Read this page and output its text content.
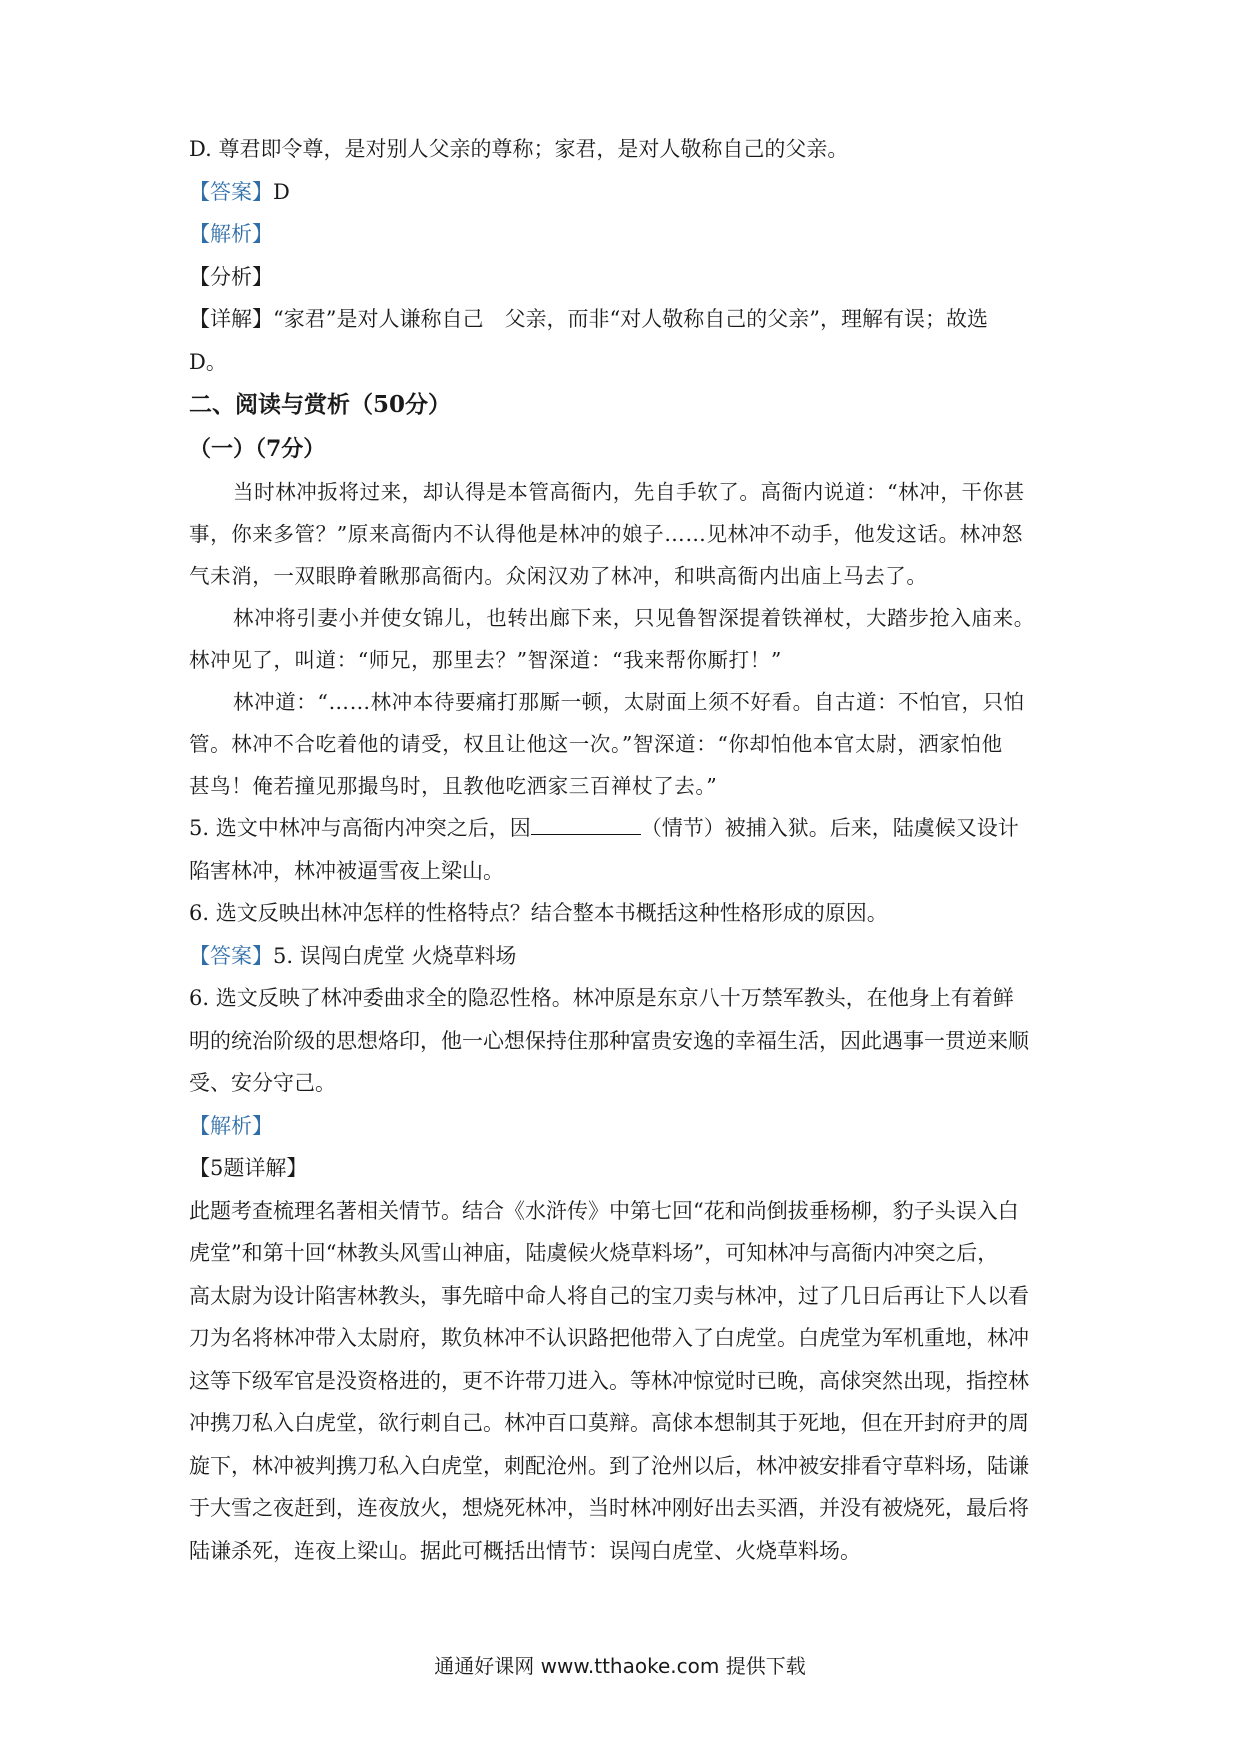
D. 尊君即令尊，是对别人父亲的尊称；家君，是对人敬称自己的父亲。
【答案】D
【解析】
【分析】
【详解】“家君”是对人谦称自己　父亲，而非“对人敬称自己的父亲”，理解有误；故选
D。
二、阅读与赏析（50分）
（一）（7分）
当时林冲扳将过来，却认得是本管高衙内，先自手软了。高衙内说道：“林冲，干你甚
事，你来多管？”原来高衙内不认得他是林冲的娘子……见林冲不动手，他发这话。林冲怒
气未消，一双眼睁着瞅那高衙内。众闲汉劝了林冲，和哄高衙内出庙上马去了。
林冲将引妻小并使女锦儿，也转出廊下来，只见鲁智深提着铁禅杖，大踏步抢入庙来。
林冲见了，叫道：“师兄，那里去？”智深道：“我来帮你厮打！”
林冲道：“……林冲本待要痛打那厮一顿，太尉面上须不好看。自古道：不怕官，只怕
管。林冲不合吃着他的请受，权且让他这一次。”智深道：“你却怕他本官太尉，洒家怕他
甚鸟！俺若撞见那撮鸟时，且教他吃洒家三百禅杖了去。”
5. 选文中林冲与高衙内冲突之后，因	（情节）被捕入狱。后来，陆虞候又设计
陷害林冲，林冲被逼雪夜上梁山。
6. 选文反映出林冲怎样的性格特点？结合整本书概括这种性格形成的原因。
【答案】5. 误闯白虎堂 火烧草料场
6. 选文反映了林冲委曲求全的隐忍性格。林冲原是东京八十万禁军教头，在他身上有着鲜
明的统治阶级的思想烙印，他一心想保持住那种富贵安逸的幸福生活，因此遇事一贯逆来顺
受、安分守己。
【解析】
【5题详解】
此题考查梳理名著相关情节。结合《水浒传》中第七回“花和尚倒拔垂杨柳，豹子头误入白
虎堂”和第十回“林教头风雪山神庙，陆虞候火烧草料场”，可知林冲与高衙内冲突之后，
高太尉为设计陷害林教头，事先暗中命人将自己的宝刀卖与林冲，过了几日后再让下人以看
刀为名将林冲带入太尉府，欺负林冲不认识路把他带入了白虎堂。白虎堂为军机重地，林冲
这等下级军官是没资格进的，更不许带刀进入。等林冲惊觉时已晚，高俅突然出现，指控林
冲携刀私入白虎堂，欲行刺自己。林冲百口莫辩。高俅本想制其于死地，但在开封府尹的周
旋下，林冲被判携刀私入白虎堂，刺配沧州。到了沧州以后，林冲被安排看守草料场，陆谦
于大雪之夜赶到，连夜放火，想烧死林冲，当时林冲刚好出去买酒，并没有被烧死，最后将
陆谦杀死，连夜上梁山。据此可概括出情节：误闯白虎堂、火烧草料场。
通通好课网 www.tthaoke.com 提供下载
